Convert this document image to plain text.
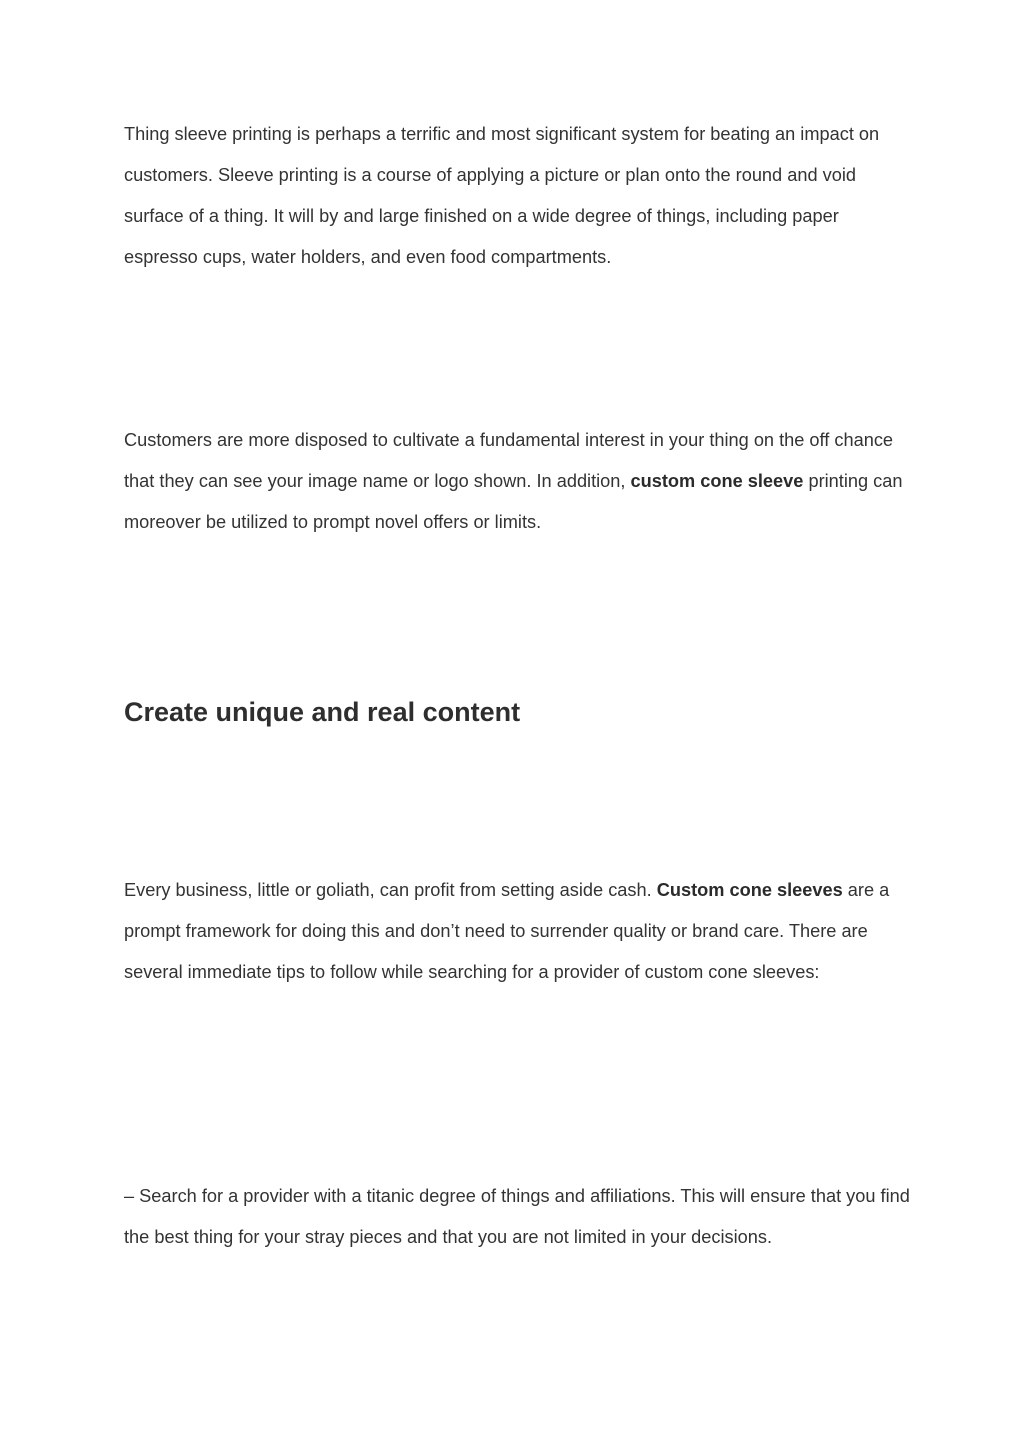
Thing sleeve printing is perhaps a terrific and most significant system for beating an impact on customers. Sleeve printing is a course of applying a picture or plan onto the round and void surface of a thing. It will by and large finished on a wide degree of things, including paper espresso cups, water holders, and even food compartments.

Customers are more disposed to cultivate a fundamental interest in your thing on the off chance that they can see your image name or logo shown. In addition, custom cone sleeve printing can moreover be utilized to prompt novel offers or limits.

Create unique and real content

Every business, little or goliath, can profit from setting aside cash. Custom cone sleeves are a prompt framework for doing this and don’t need to surrender quality or brand care. There are several immediate tips to follow while searching for a provider of custom cone sleeves:

– Search for a provider with a titanic degree of things and affiliations. This will ensure that you find the best thing for your stray pieces and that you are not limited in your decisions.
